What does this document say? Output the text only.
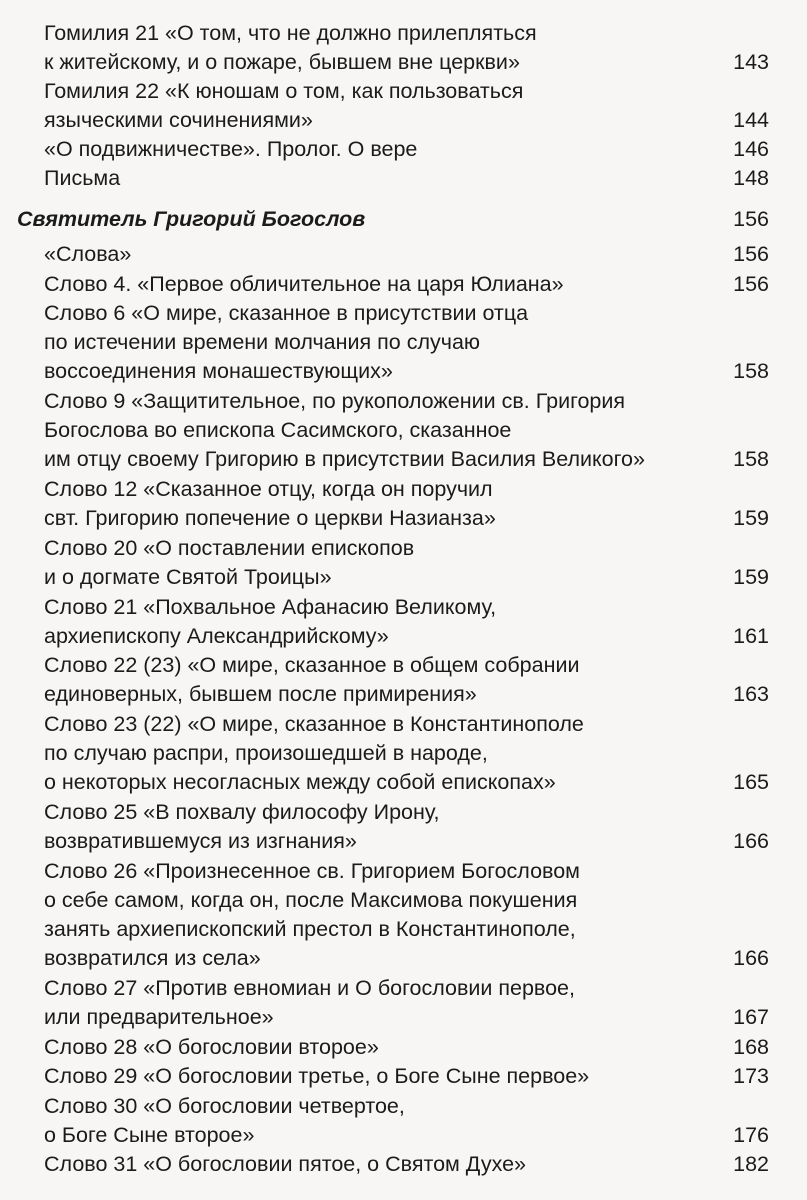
Гомилия 21 «О том, что не должно прилепляться
к житейскому, и о пожаре, бывшем вне церкви»	143
Гомилия 22 «К юношам о том, как пользоваться
языческими сочинениями»	144
«О подвижничестве». Пролог. О вере	146
Письма	148
Святитель Григорий Богослов	156
«Слова»	156
Слово 4. «Первое обличительное на царя Юлиана»	156
Слово 6 «О мире, сказанное в присутствии отца
по истечении времени молчания по случаю
воссоединения монашествующих»	158
Слово 9 «Защитительное, по рукоположении св. Григория
Богослова во епископа Сасимского, сказанное
им отцу своему Григорию в присутствии Василия Великого»	158
Слово 12 «Сказанное отцу, когда он поручил
свт. Григорию попечение о церкви Назианза»	159
Слово 20 «О поставлении епископов
и о догмате Святой Троицы»	159
Слово 21 «Похвальное Афанасию Великому,
архиепископу Александрийскому»	161
Слово 22 (23) «О мире, сказанное в общем собрании
единоверных, бывшем после примирения»	163
Слово 23 (22) «О мире, сказанное в Константинополе
по случаю распри, произошедшей в народе,
о некоторых несогласных между собой епископах»	165
Слово 25 «В похвалу философу Ирону,
возвратившемуся из изгнания»	166
Слово 26 «Произнесенное св. Григорием Богословом
о себе самом, когда он, после Максимова покушения
занять архиепископский престол в Константинополе,
возвратился из села»	166
Слово 27 «Против евномиан и О богословии первое,
или предварительное»	167
Слово 28 «О богословии второе»	168
Слово 29 «О богословии третье, о Боге Сыне первое»	173
Слово 30 «О богословии четвертое,
о Боге Сыне второе»	176
Слово 31 «О богословии пятое, о Святом Духе»	182
